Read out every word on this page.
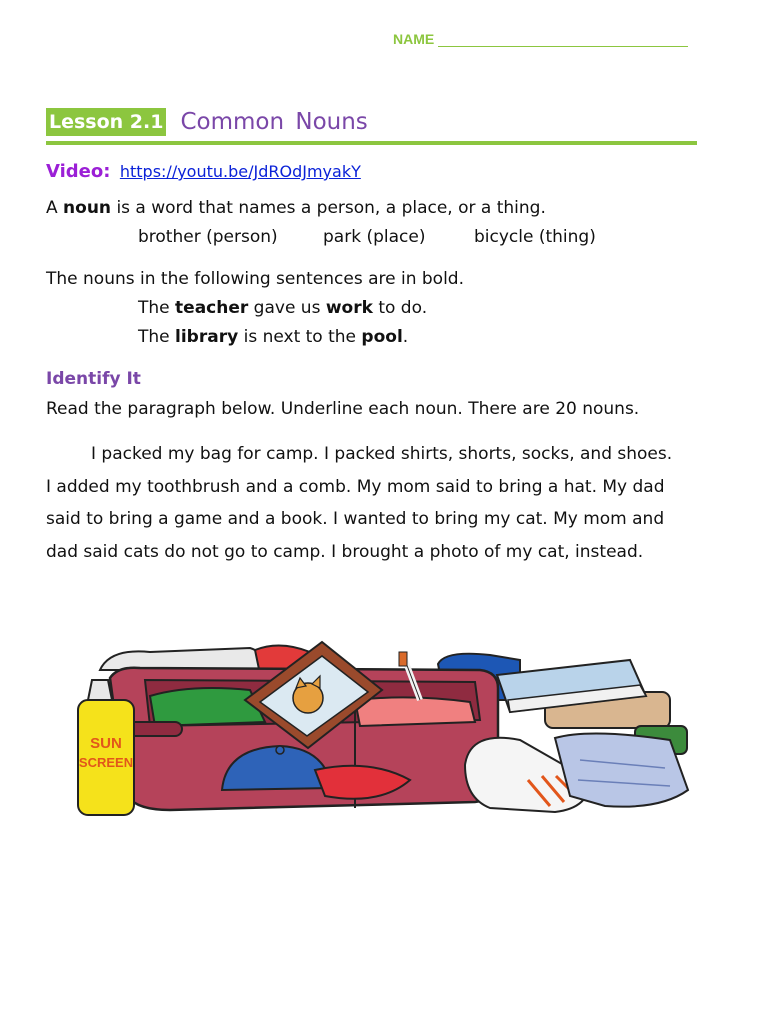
NAME
Lesson 2.1 Common Nouns
Video: https://youtu.be/JdROdJmyakY
A noun is a word that names a person, a place, or a thing.
brother (person)	park (place)	bicycle (thing)
The nouns in the following sentences are in bold.
The teacher gave us work to do.
The library is next to the pool.
Identify It
Read the paragraph below. Underline each noun. There are 20 nouns.
I packed my bag for camp. I packed shirts, shorts, socks, and shoes.
I added my toothbrush and a comb. My mom said to bring a hat. My dad
said to bring a game and a book. I wanted to bring my cat. My mom and
dad said cats do not go to camp. I brought a photo of my cat, instead.
SUN
SCREEN
